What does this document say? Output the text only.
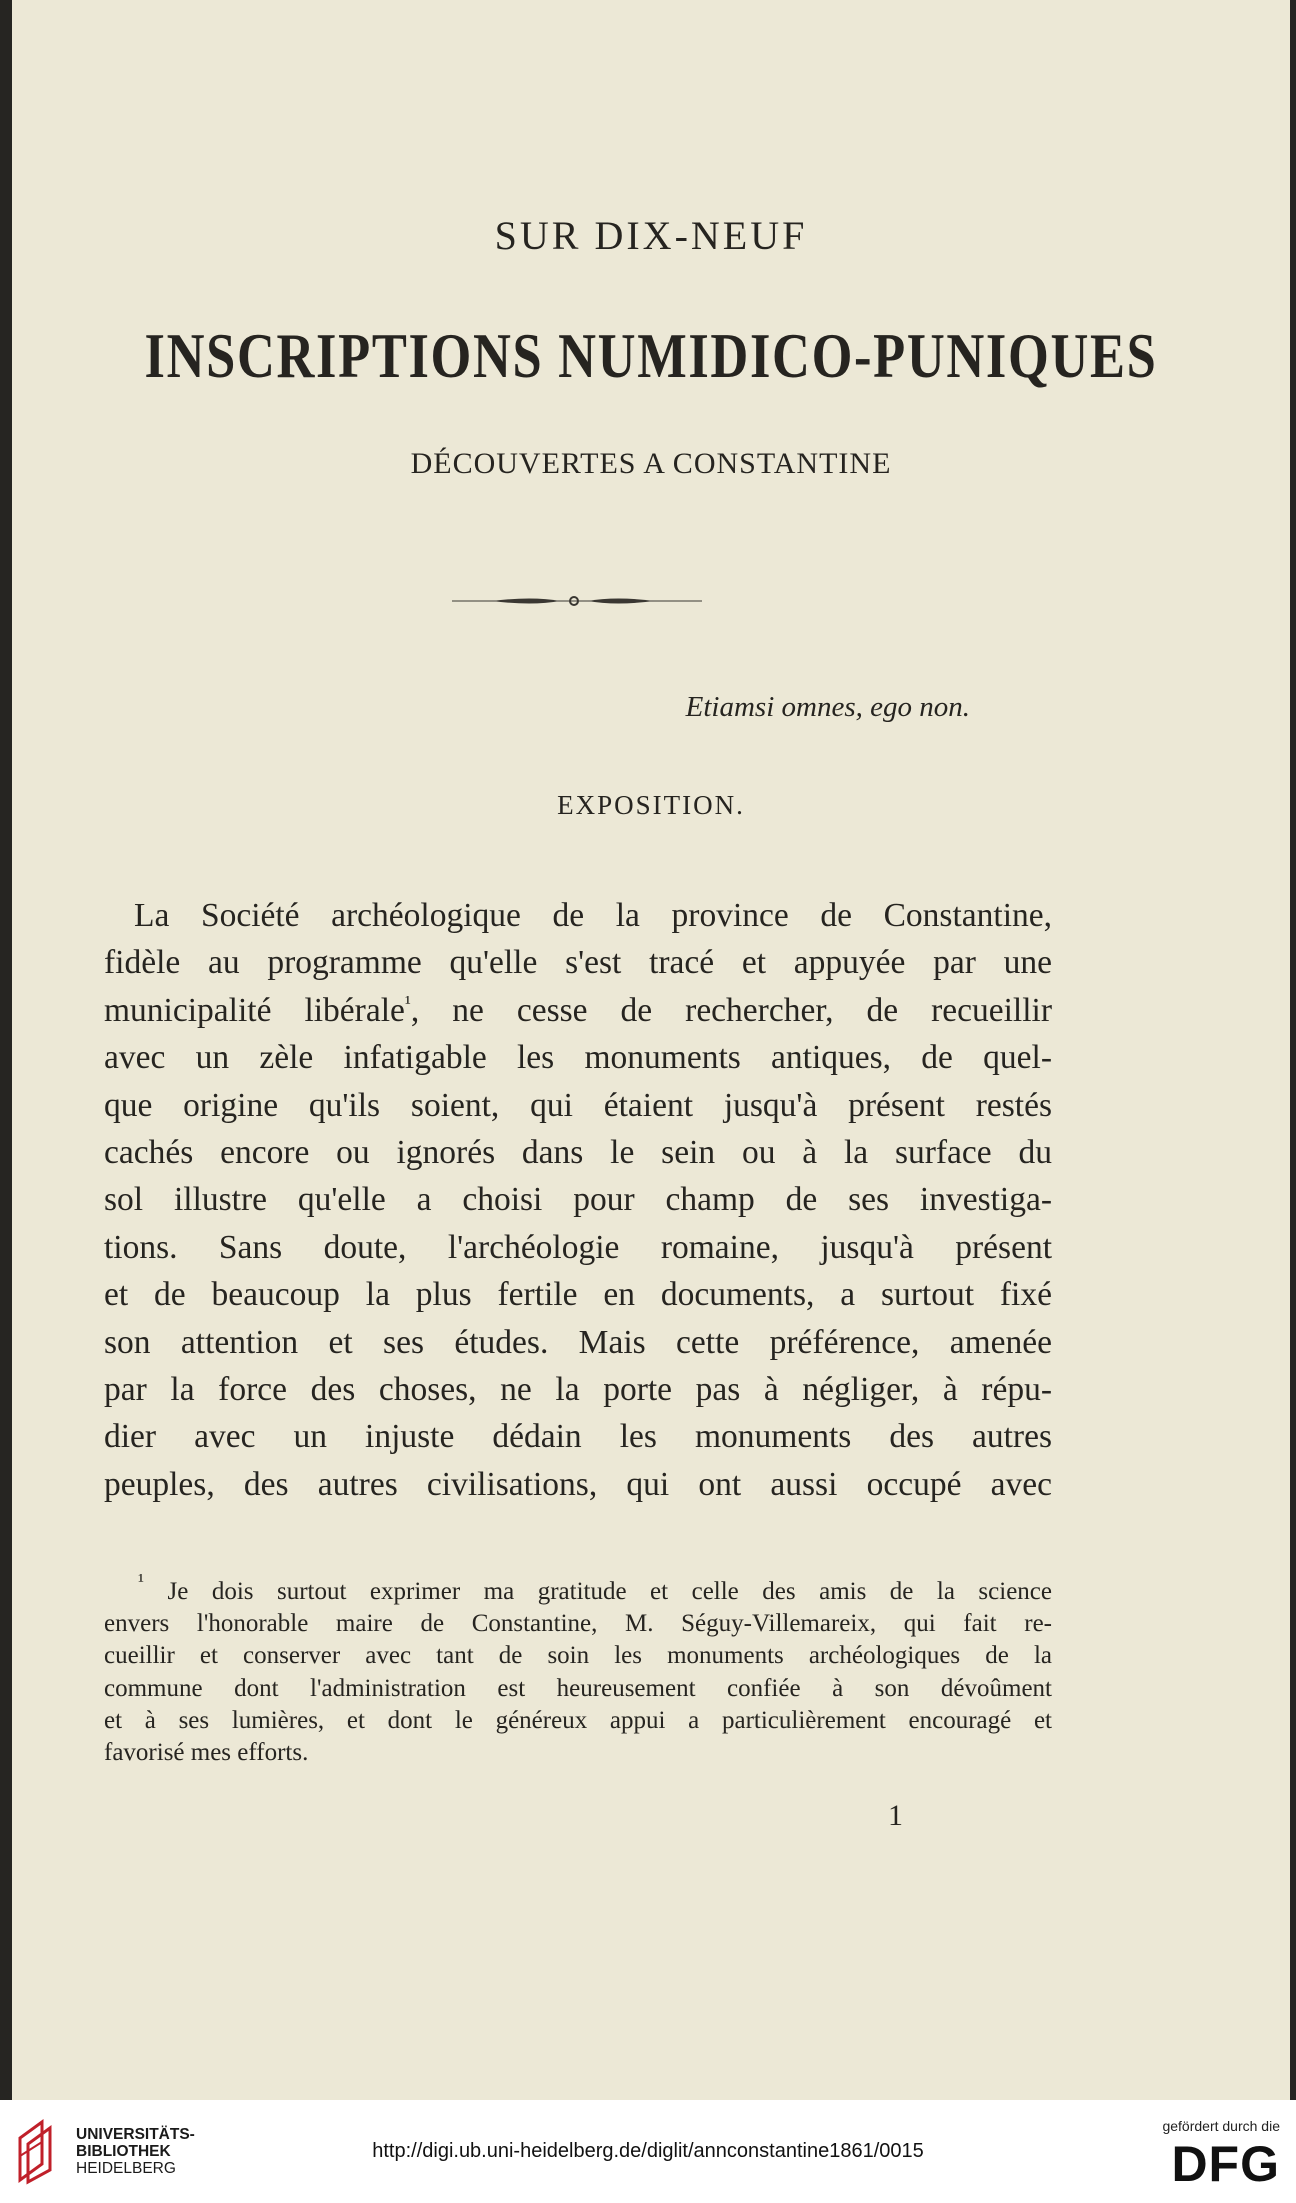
SUR DIX-NEUF
INSCRIPTIONS NUMIDICO-PUNIQUES
DÉCOUVERTES A CONSTANTINE
Etiamsi omnes, ego non.
EXPOSITION.
La Société archéologique de la province de Constantine,
fidèle au programme qu'elle s'est tracé et appuyée par une
municipalité libérale$^{^1}$, ne cesse de rechercher, de recueillir
avec un zèle infatigable les monuments antiques, de quel-
que origine qu'ils soient, qui étaient jusqu'à présent restés
cachés encore ou ignorés dans le sein ou à la surface du
sol illustre qu'elle a choisi pour champ de ses investiga-
tions. Sans doute, l'archéologie romaine, jusqu'à présent
et de beaucoup la plus fertile en documents, a surtout fixé
son attention et ses études. Mais cette préférence, amenée
par la force des choses, ne la porte pas à négliger, à répu-
dier avec un injuste dédain les monuments des autres
peuples, des autres civilisations, qui ont aussi occupé avec
$^{^1}$ Je dois surtout exprimer ma gratitude et celle des amis de la science
envers l'honorable maire de Constantine, M. Séguy-Villemareix, qui fait re-
cueillir et conserver avec tant de soin les monuments archéologiques de la
commune dont l'administration est heureusement confiée à son dévoûment
et à ses lumières, et dont le généreux appui a particulièrement encouragé et
favorisé mes efforts.
1
UNIVERSITÄTS-
BIBLIOTHEK
HEIDELBERG
http://digi.ub.uni-heidelberg.de/diglit/annconstantine1861/0015
gefördert durch die
DFG
